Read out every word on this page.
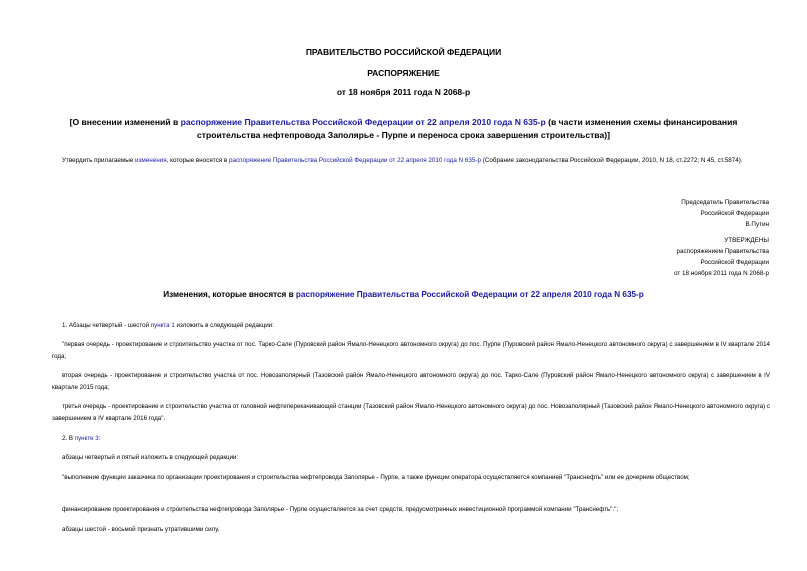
ПРАВИТЕЛЬСТВО РОССИЙСКОЙ ФЕДЕРАЦИИ
РАСПОРЯЖЕНИЕ
от 18 ноября 2011 года N 2068-р
[О внесении изменений в распоряжение Правительства Российской Федерации от 22 апреля 2010 года N 635-р (в части изменения схемы финансирования строительства нефтепровода Заполярье - Пурпе и переноса срока завершения строительства)]
Утвердить прилагаемые изменения, которые вносятся в распоряжение Правительства Российской Федерации от 22 апреля 2010 года N 635-р (Собрание законодательства Российской Федерации, 2010, N 18, ст.2272; N 45, ст.5874).
Председатель Правительства
Российской Федерации
В.Путин
УТВЕРЖДЕНЫ
распоряжением Правительства
Российской Федерации
от 18 ноября 2011 года N 2068-р
Изменения, которые вносятся в распоряжение Правительства Российской Федерации от 22 апреля 2010 года N 635-р
1. Абзацы четвертый - шестой пункта 1 изложить в следующей редакции:
"первая очередь - проектирование и строительство участка от пос. Тарко-Сале (Пуровский район Ямало-Ненецкого автономного округа) до пос. Пурпе (Пуровский район Ямало-Ненецкого автономного округа) с завершением в IV квартале 2014 года;
вторая очередь - проектирование и строительство участка от пос. Новозаполярный (Тазовский район Ямало-Ненецкого автономного округа) до пос. Тарко-Сале (Пуровский район Ямало-Ненецкого автономного округа) с завершением в IV квартале 2015 года;
третья очередь - проектирование и строительство участка от головной нефтеперекачивающей станции (Тазовский район Ямало-Ненецкого автономного округа) до пос. Новозаполярный (Тазовский район Ямало-Ненецкого автономного округа) с завершением в IV квартале 2016 года".
2. В пункте 3:
абзацы четвертый и пятый изложить в следующей редакции:
"выполнение функции заказчика по организации проектирования и строительства нефтепровода Заполярье - Пурпе, а также функции оператора осуществляется компанией "Транснефть" или ее дочерним обществом;
финансирование проектирования и строительства нефтепровода Заполярье - Пурпе осуществляется за счет средств, предусмотренных инвестиционной программой компании "Транснефть".";
абзацы шестой - восьмой признать утратившими силу.
